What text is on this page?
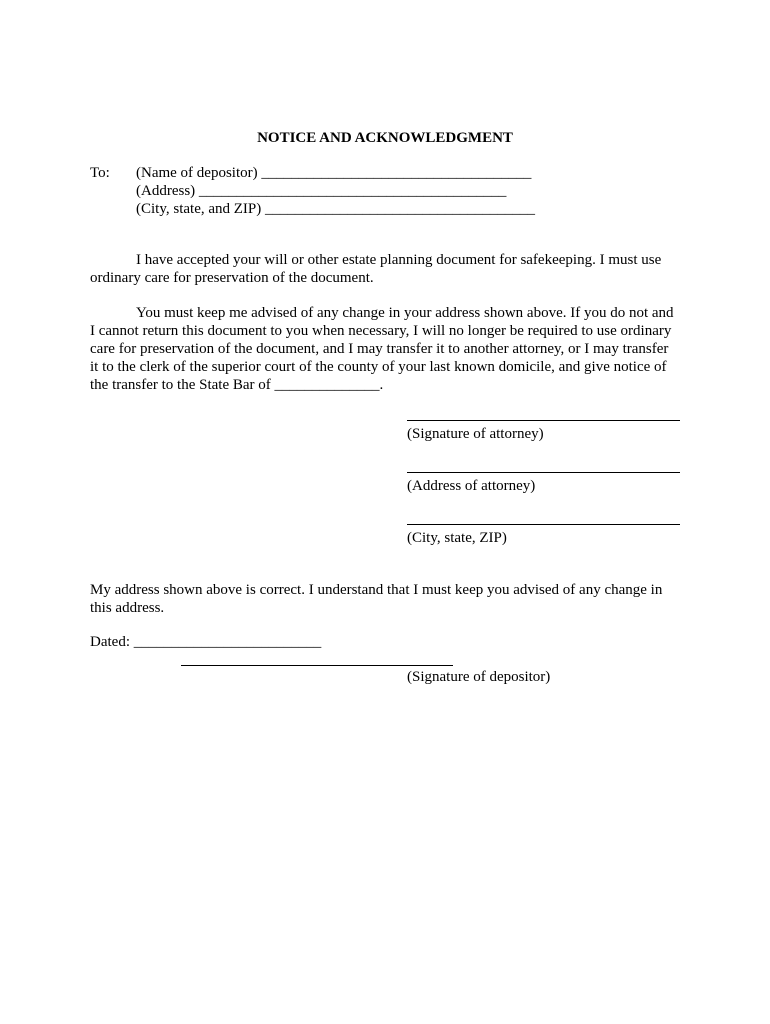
NOTICE AND ACKNOWLEDGMENT
To: (Name of depositor) ____________________________________
(Address) _________________________________________
(City, state, and ZIP) ____________________________________
I have accepted your will or other estate planning document for safekeeping. I must use ordinary care for preservation of the document.
You must keep me advised of any change in your address shown above. If you do not and I cannot return this document to you when necessary, I will no longer be required to use ordinary care for preservation of the document, and I may transfer it to another attorney, or I may transfer it to the clerk of the superior court of the county of your last known domicile, and give notice of the transfer to the State Bar of ______________.
(Signature of attorney)
(Address of attorney)
(City, state, ZIP)
My address shown above is correct. I understand that I must keep you advised of any change in this address.
Dated: _________________________
(Signature of depositor)
